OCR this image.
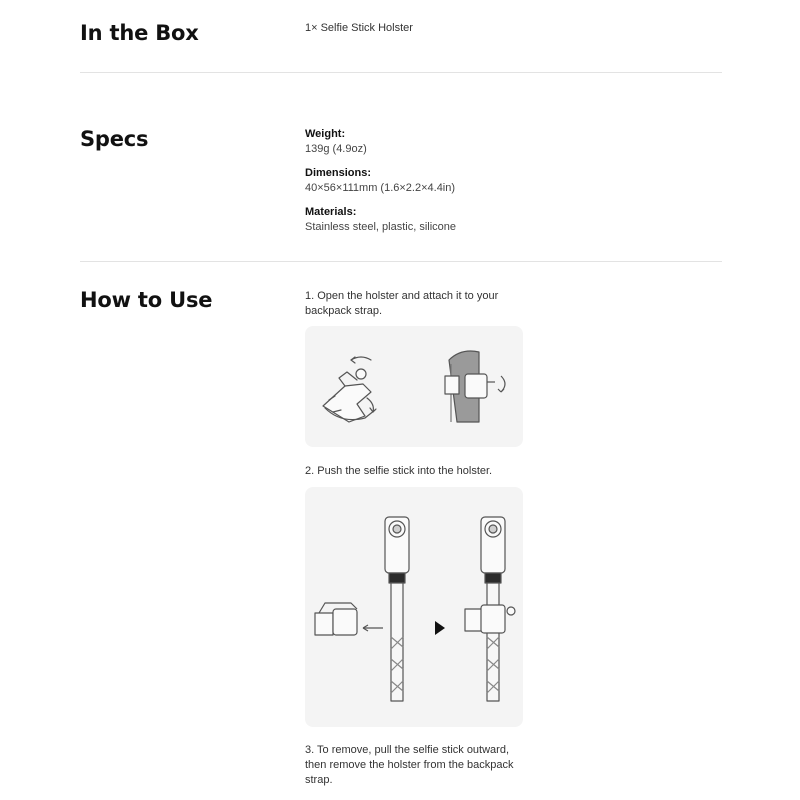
In the Box	1× Selfie Stick Holster
Specs	Weight:
139g (4.9oz)
Dimensions:
40×56×111mm (1.6×2.2×4.4in)
Materials:
Stainless steel, plastic, silicone
How to Use	1. Open the holster and attach it to your backpack strap.
2. Push the selfie stick into the holster.
3. To remove, pull the selfie stick outward, then remove the holster from the backpack strap.
